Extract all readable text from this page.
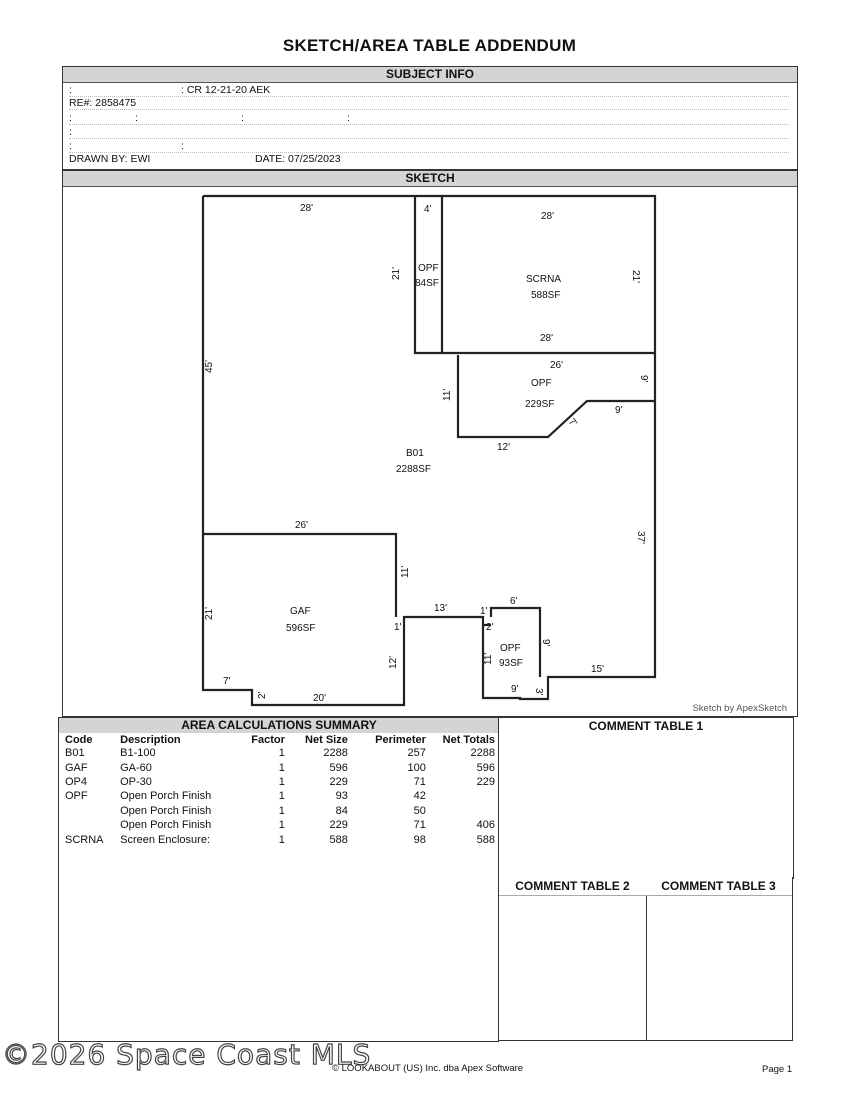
SKETCH/AREA TABLE ADDENDUM
SUBJECT INFO
:	: CR 12-21-20 AEK
RE#: 2858475
:	:	:	:
:
:	:
DRAWN BY: EWI	DATE: 07/25/2023
SKETCH
Sketch by ApexSketch
B01
2288SF
SCRNA
588SF
OPF
84SF
OPF
229SF
GAF
596SF
OPF
93SF
28'	4'
28'
21'	21'
28'
45'	26'
9'
11'
9'
7'
12'
26'
37'
11'
13'	1'
6'
21'
1'	2'
9'
12'	11'
15'
7'
2'	20'
9' 3'
AREA CALCULATIONS SUMMARY
Code	Description	Factor	Net Size	Perimeter	Net Totals
B01	B1-100	1	2288	257	2288
GAF	GA-60	1	596	100	596
OP4	OP-30	1	229	71	229
OPF	Open Porch Finish	1	93	42	
	Open Porch Finish	1	84	50	
	Open Porch Finish	1	229	71	406
SCRNA	Screen Enclosure:	1	588	98	588
COMMENT TABLE 1
COMMENT TABLE 2	COMMENT TABLE 3
©2026 Space Coast MLS
© LOOKABOUT (US) Inc. dba Apex Software	Page 1
